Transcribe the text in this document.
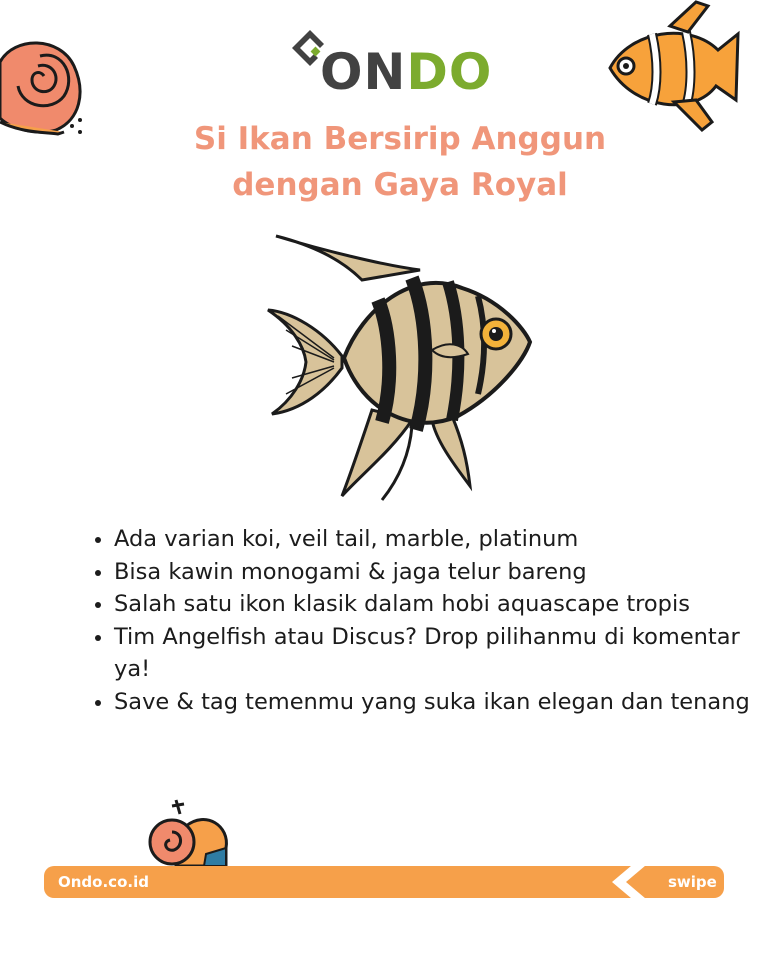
ONDO
Si Ikan Bersirip Anggun
dengan Gaya Royal
• Ada varian koi, veil tail, marble, platinum
• Bisa kawin monogami & jaga telur bareng
• Salah satu ikon klasik dalam hobi aquascape tropis
• Tim Angelfish atau Discus? Drop pilihanmu di komentar ya!
• Save & tag temenmu yang suka ikan elegan dan tenang
Ondo.co.id	swipe
